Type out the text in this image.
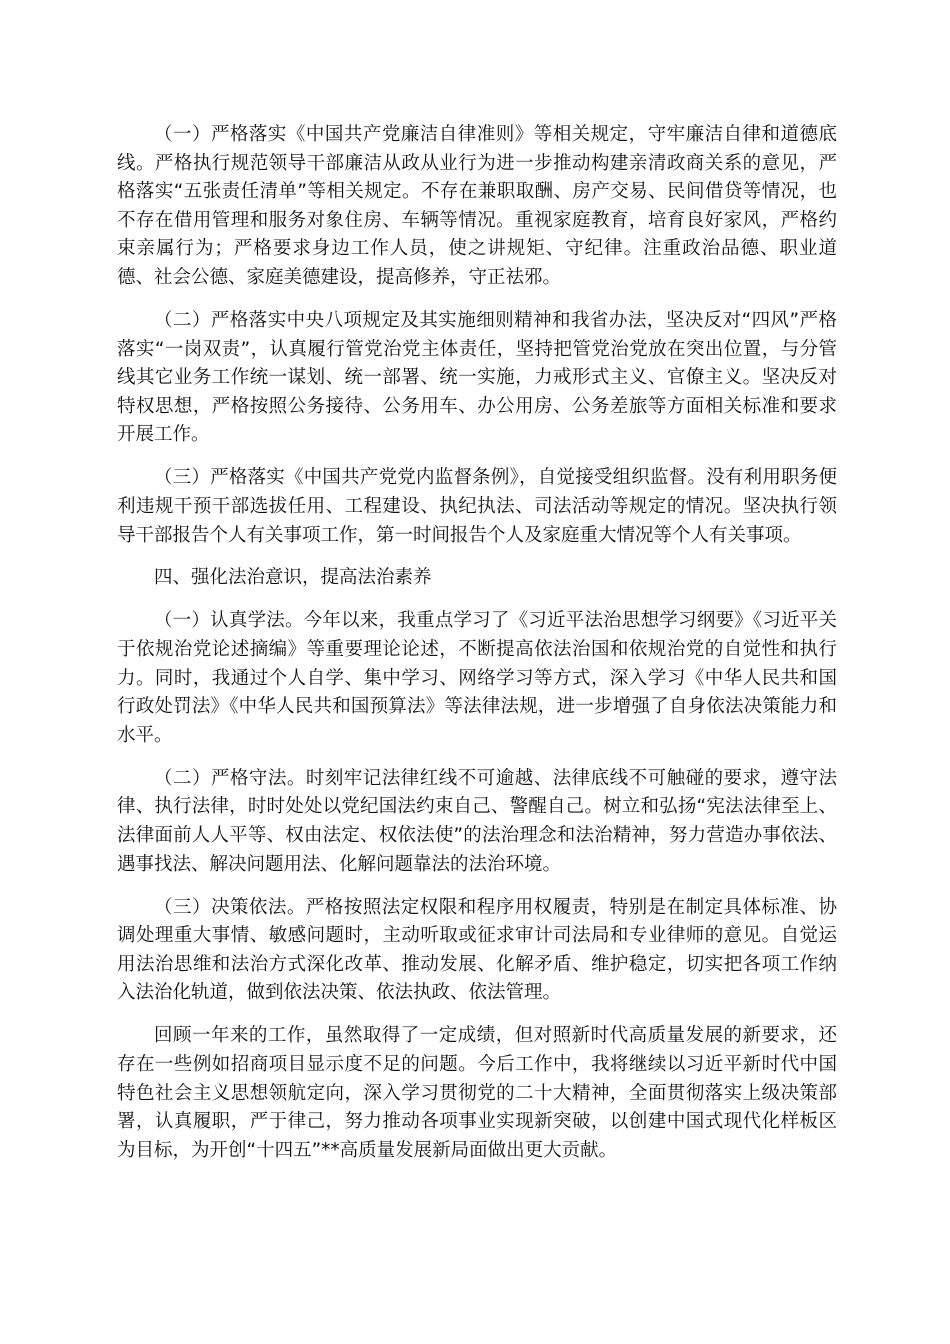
（一）严格落实《中国共产党廉洁自律准则》等相关规定，守牢廉洁自律和道德底线。严格执行规范领导干部廉洁从政从业行为进一步推动构建亲清政商关系的意见，严格落实“五张责任清单”等相关规定。不存在兼职取酬、房产交易、民间借贷等情况，也不存在借用管理和服务对象住房、车辆等情况。重视家庭教育，培育良好家风，严格约束亲属行为；严格要求身边工作人员，使之讲规矩、守纪律。注重政治品德、职业道德、社会公德、家庭美德建设，提高修养，守正祛邪。

（二）严格落实中央八项规定及其实施细则精神和我省办法，坚决反对“四风”严格落实“一岗双责”，认真履行管党治党主体责任，坚持把管党治党放在突出位置，与分管线其它业务工作统一谋划、统一部署、统一实施，力戒形式主义、官僚主义。坚决反对特权思想，严格按照公务接待、公务用车、办公用房、公务差旅等方面相关标准和要求开展工作。

（三）严格落实《中国共产党党内监督条例》，自觉接受组织监督。没有利用职务便利违规干预干部选拔任用、工程建设、执纪执法、司法活动等规定的情况。坚决执行领导干部报告个人有关事项工作，第一时间报告个人及家庭重大情况等个人有关事项。

四、强化法治意识，提高法治素养

（一）认真学法。今年以来，我重点学习了《习近平法治思想学习纲要》《习近平关于依规治党论述摘编》等重要理论论述，不断提高依法治国和依规治党的自觉性和执行力。同时，我通过个人自学、集中学习、网络学习等方式，深入学习《中华人民共和国行政处罚法》《中华人民共和国预算法》等法律法规，进一步增强了自身依法决策能力和水平。

（二）严格守法。时刻牢记法律红线不可逾越、法律底线不可触碰的要求，遵守法律、执行法律，时时处处以党纪国法约束自己、警醒自己。树立和弘扬“宪法法律至上、法律面前人人平等、权由法定、权依法使”的法治理念和法治精神，努力营造办事依法、遇事找法、解决问题用法、化解问题靠法的法治环境。

（三）决策依法。严格按照法定权限和程序用权履责，特别是在制定具体标准、协调处理重大事情、敏感问题时，主动听取或征求审计司法局和专业律师的意见。自觉运用法治思维和法治方式深化改革、推动发展、化解矛盾、维护稳定，切实把各项工作纳入法治化轨道，做到依法决策、依法执政、依法管理。

回顾一年来的工作，虽然取得了一定成绩，但对照新时代高质量发展的新要求，还存在一些例如招商项目显示度不足的问题。今后工作中，我将继续以习近平新时代中国特色社会主义思想领航定向，深入学习贯彻党的二十大精神，全面贯彻落实上级决策部署，认真履职，严于律己，努力推动各项事业实现新突破，以创建中国式现代化样板区为目标，为开创“十四五”**高质量发展新局面做出更大贡献。
